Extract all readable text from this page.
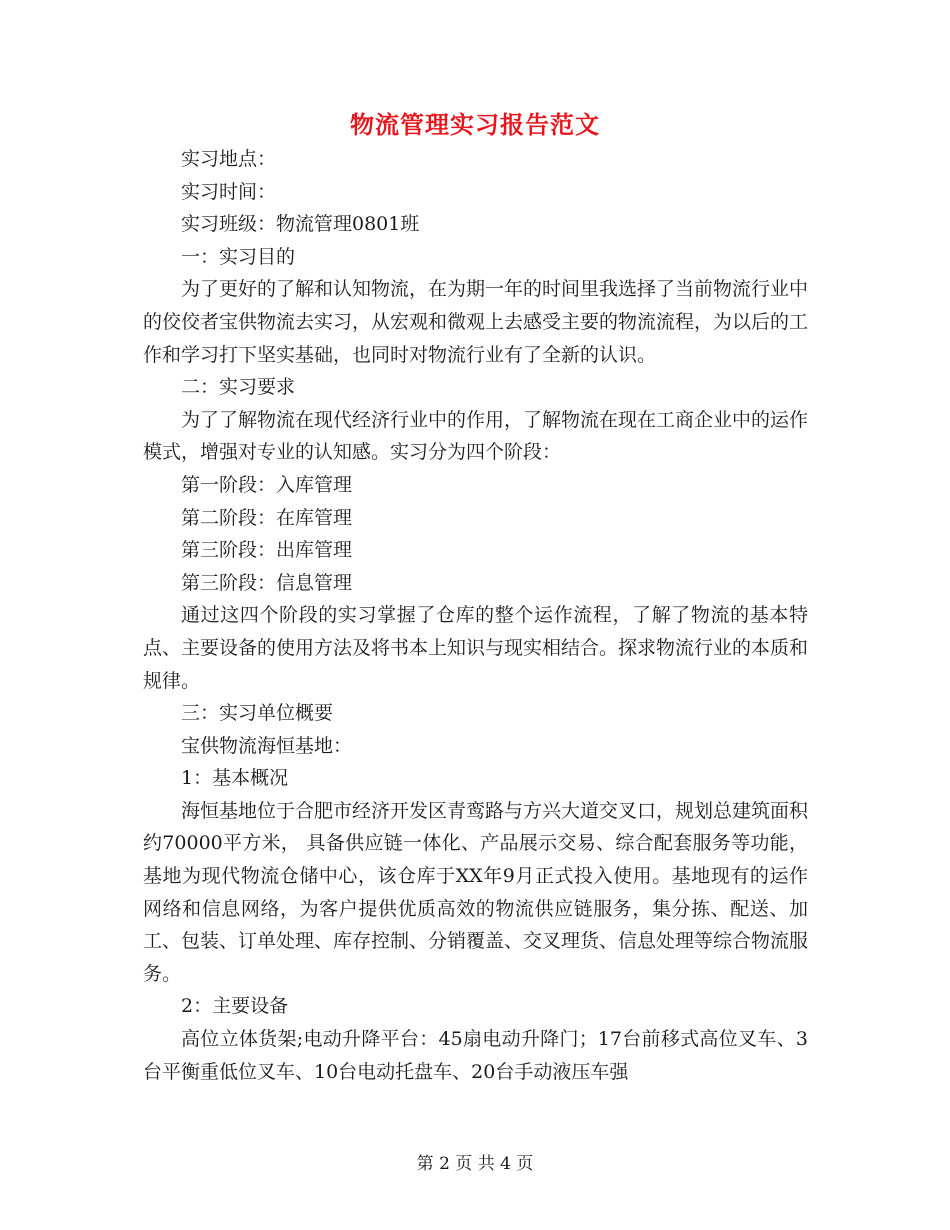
物流管理实习报告范文

实习地点：

实习时间：

实习班级：物流管理0801班

一：实习目的

为了更好的了解和认知物流，在为期一年的时间里我选择了当前物流行业中的佼佼者宝供物流去实习，从宏观和微观上去感受主要的物流流程，为以后的工作和学习打下坚实基础，也同时对物流行业有了全新的认识。

二：实习要求

为了了解物流在现代经济行业中的作用，了解物流在现在工商企业中的运作模式，增强对专业的认知感。实习分为四个阶段：

第一阶段：入库管理

第二阶段：在库管理

第三阶段：出库管理

第三阶段：信息管理

通过这四个阶段的实习掌握了仓库的整个运作流程，了解了物流的基本特点、主要设备的使用方法及将书本上知识与现实相结合。探求物流行业的本质和规律。

三：实习单位概要

宝供物流海恒基地：

1：基本概况

海恒基地位于合肥市经济开发区青鸾路与方兴大道交叉口，规划总建筑面积约70000平方米， 具备供应链一体化、产品展示交易、综合配套服务等功能，基地为现代物流仓储中心，该仓库于XX年9月正式投入使用。基地现有的运作网络和信息网络，为客户提供优质高效的物流供应链服务，集分拣、配送、加工、包装、订单处理、库存控制、分销覆盖、交叉理货、信息处理等综合物流服务。

2：主要设备

高位立体货架;电动升降平台：45扇电动升降门；17台前移式高位叉车、3台平衡重低位叉车、10台电动托盘车、20台手动液压车强

第 2 页 共 4 页
